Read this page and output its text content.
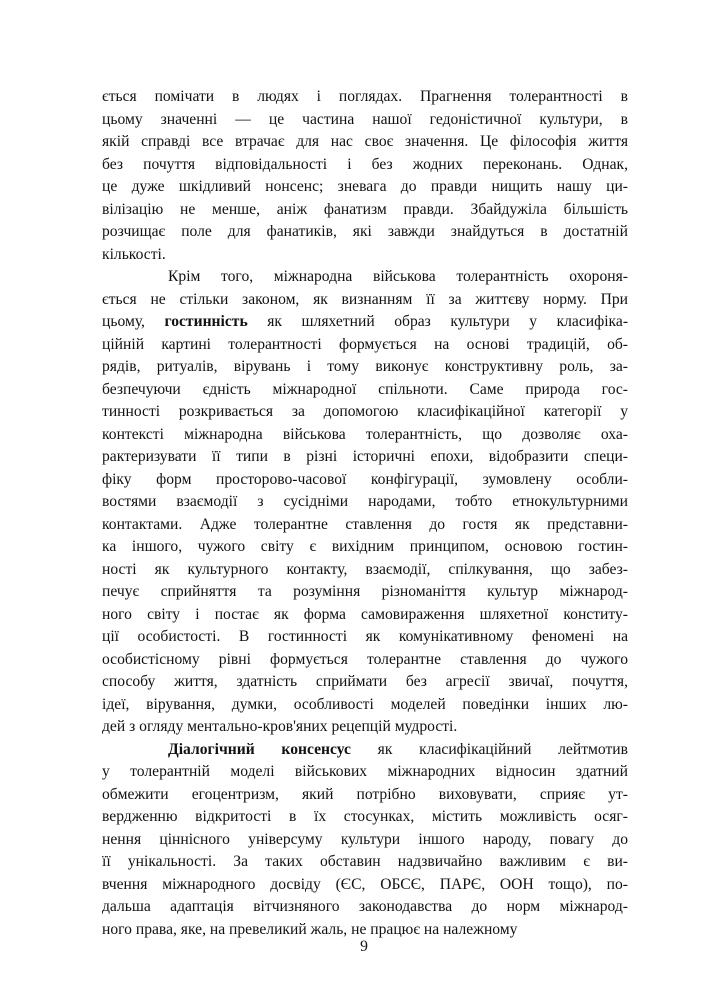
ється помічати в людях і поглядах. Прагнення толерантності в
цьому значенні — це частина нашої гедоністичної культури, в
якій справді все втрачає для нас своє значення. Це філософія життя
без почуття відповідальності і без жодних переконань. Однак,
це дуже шкідливий нонсенс; зневага до правди нищить нашу ци-
вілізацію не менше, аніж фанатизм правди. Збайдужіла більшість
розчищає поле для фанатиків, які завжди знайдуться в достатній
кількості.
Крім того, міжнародна військова толерантність охороня-
ється не стільки законом, як визнанням її за життєву норму. При
цьому, гостинність як шляхетний образ культури у класифіка-
ційній картині толерантності формується на основі традицій, об-
рядів, ритуалів, вірувань і тому виконує конструктивну роль, за-
безпечуючи єдність міжнародної спільноти. Саме природа гос-
тинності розкривається за допомогою класифікаційної категорії у
контексті міжнародна військова толерантність, що дозволяє оха-
рактеризувати її типи в різні історичні епохи, відобразити специ-
фіку форм просторово-часової конфігурації, зумовлену особли-
востями взаємодії з сусідніми народами, тобто етнокультурними
контактами. Адже толерантне ставлення до гостя як представни-
ка іншого, чужого світу є вихідним принципом, основою гостин-
ності як культурного контакту, взаємодії, спілкування, що забез-
печує сприйняття та розуміння різноманіття культур міжнарод-
ного світу і постає як форма самовираження шляхетної конститу-
ції особистості. В гостинності як комунікативному феномені на
особистісному рівні формується толерантне ставлення до чужого
способу життя, здатність сприймати без агресії звичаї, почуття,
ідеї, вірування, думки, особливості моделей поведінки інших лю-
дей з огляду ментально-кров'яних рецепцій мудрості.
Діалогічний консенсус як класифікаційний лейтмотив
у толерантній моделі військових міжнародних відносин здатний
обмежити егоцентризм, який потрібно виховувати, сприяє ут-
вердженню відкритості в їх стосунках, містить можливість осяг-
нення ціннісного універсуму культури іншого народу, повагу до
її унікальності. За таких обставин надзвичайно важливим є ви-
вчення міжнародного досвіду (ЄС, ОБСЄ, ПАРЄ, ООН тощо), по-
дальша адаптація вітчизняного законодавства до норм міжнарод-
ного права, яке, на превеликий жаль, не працює на належному
9
